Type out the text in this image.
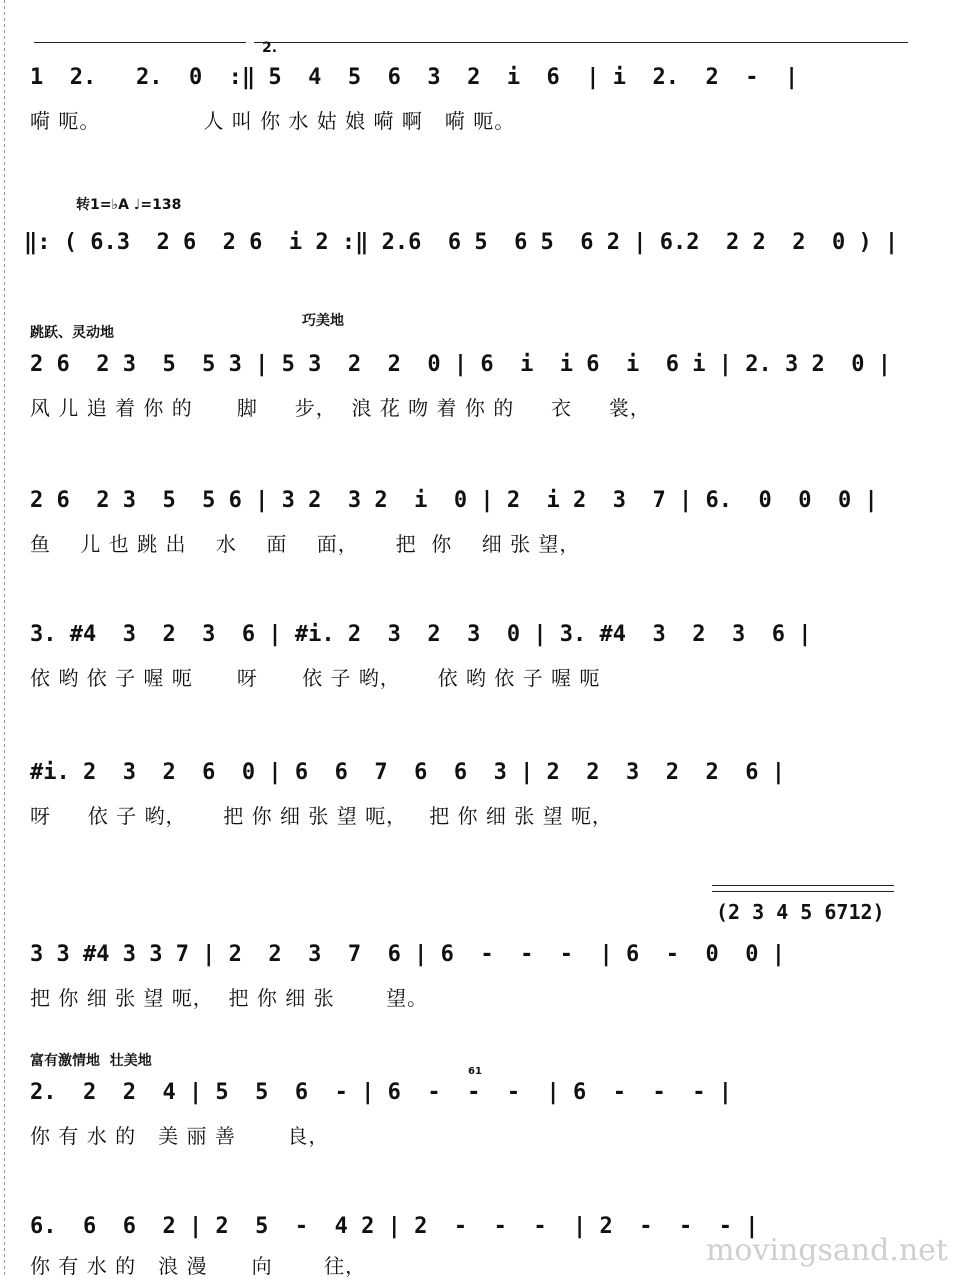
2.
1  2.   2.  0  :‖ 5  4  5  6  3  2  i  6  | i  2.  2  -  |
嗬 呃。              人 叫 你 水 姑 娘 嗬 啊   嗬 呃。
转1=♭A ♩=138
‖: ( 6.3  2 6  2 6  i 2 :‖ 2.6  6 5  6 5  6 2 | 6.2  2 2  2  0 ) |
跳跃、灵动地
巧美地
2 6  2 3  5  5 3 | 5 3  2  2  0 | 6  i  i 6  i  6 i | 2. 3 2  0 |
风 儿 追 着 你 的      脚     步，  浪 花 吻 着 你 的     衣     裳，
2 6  2 3  5  5 6 | 3 2  3 2  i  0 | 2  i 2  3  7 | 6.  0  0  0 |
鱼    儿 也 跳 出    水    面    面，     把  你    细 张 望，
3. #4  3  2  3  6 | #i. 2  3  2  3  0 | 3. #4  3  2  3  6 |
依 哟 依 子 喔 呃      呀      依 子 哟，     依 哟 依 子 喔 呃
#i. 2  3  2  6  0 | 6  6  7  6  6  3 | 2  2  3  2  2  6 |
呀     依 子 哟，     把 你 细 张 望 呃，   把 你 细 张 望 呃，
(2 3 4 5 6712)
3 3 #4 3 3 7 | 2  2  3  7  6 | 6  -  -  -  | 6  -  0  0 |
把 你 细 张 望 呃，  把 你 细 张       望。
富有激情地  壮美地
61
2.  2  2  4 | 5  5  6  - | 6  -  -  -  | 6  -  -  - |
你 有 水 的   美 丽 善       良，
6.  6  6  2 | 2  5  -  4 2 | 2  -  -  -  | 2  -  -  - |
你 有 水 的   浪 漫      向       往，	movingsand.net
